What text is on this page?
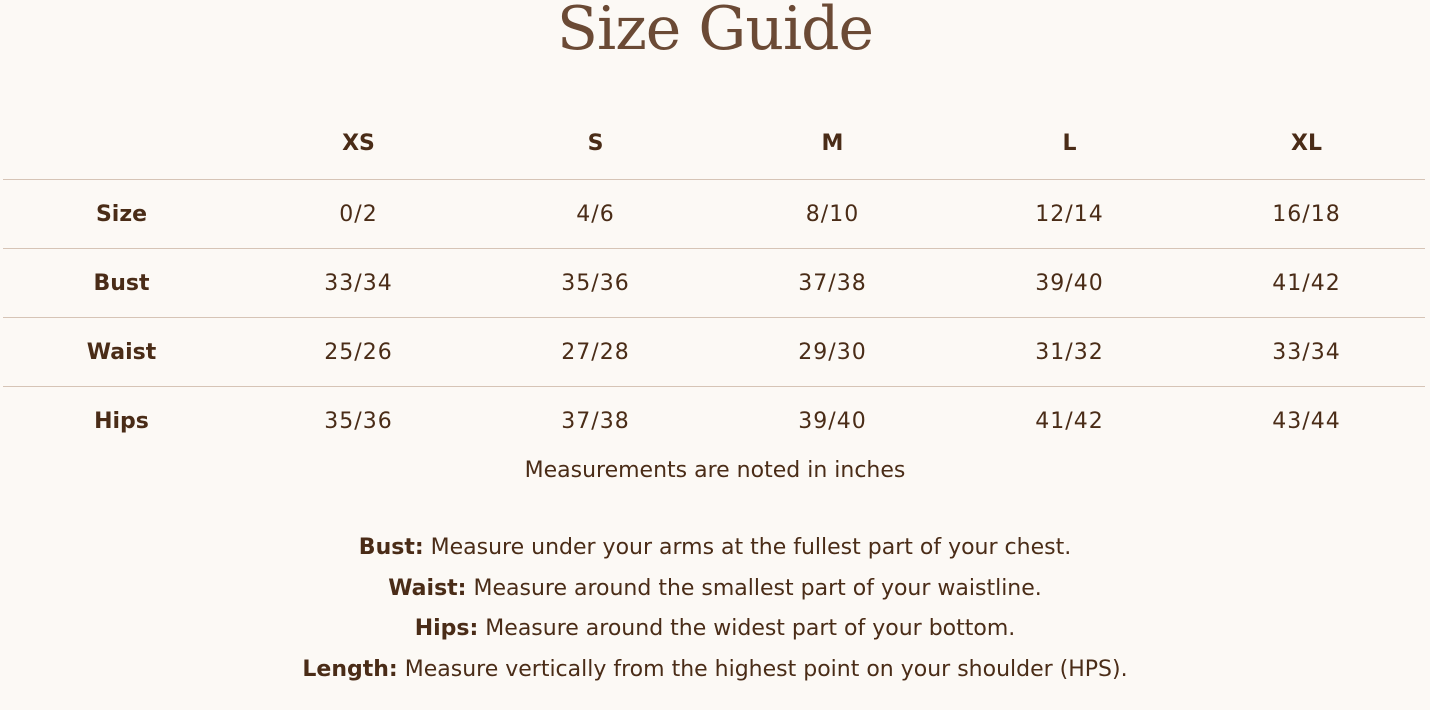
Size Guide
	XS	S	M	L	XL
Size	0/2	4/6	8/10	12/14	16/18
Bust	33/34	35/36	37/38	39/40	41/42
Waist	25/26	27/28	29/30	31/32	33/34
Hips	35/36	37/38	39/40	41/42	43/44
Measurements are noted in inches

Bust: Measure under your arms at the fullest part of your chest.

Waist: Measure around the smallest part of your waistline.

Hips: Measure around the widest part of your bottom.

Length: Measure vertically from the highest point on your shoulder (HPS).
